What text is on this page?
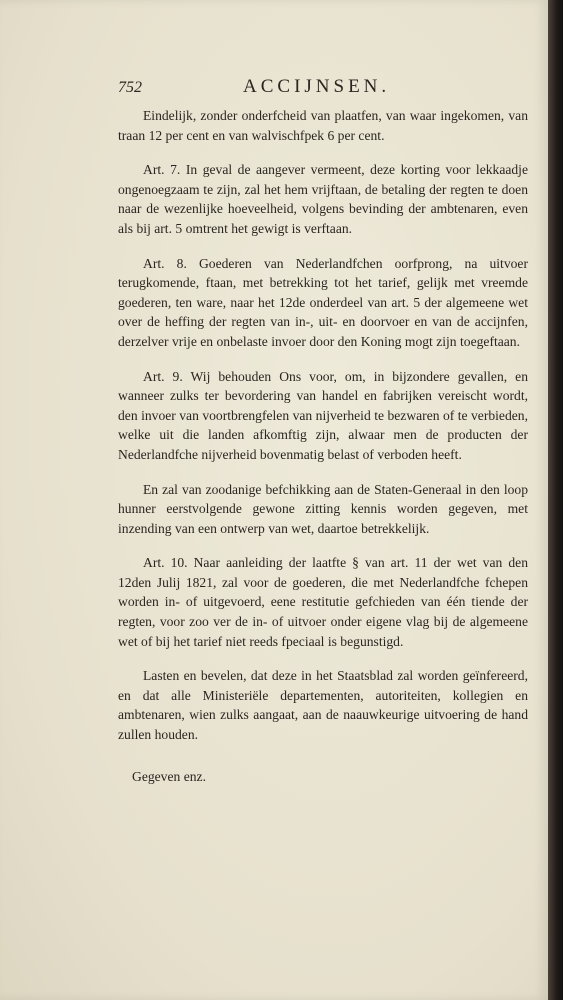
752	ACCIJNSEN.

Eindelijk, zonder onderfcheid van plaatfen, van waar ingekomen, van traan 12 per cent en van walvischfpek 6 per cent.

Art. 7. In geval de aangever vermeent, deze korting voor lekkaadje ongenoegzaam te zijn, zal het hem vrijftaan, de betaling der regten te doen naar de wezenlijke hoeveelheid, volgens bevinding der ambtenaren, even als bij art. 5 omtrent het gewigt is verftaan.

Art. 8. Goederen van Nederlandfchen oorfprong, na uitvoer terugkomende, ftaan, met betrekking tot het tarief, gelijk met vreemde goederen, ten ware, naar het 12de onderdeel van art. 5 der algemeene wet over de heffing der regten van in-, uit- en doorvoer en van de accijnfen, derzelver vrije en onbelaste invoer door den Koning mogt zijn toegeftaan.

Art. 9. Wij behouden Ons voor, om, in bijzondere gevallen, en wanneer zulks ter bevordering van handel en fabrijken vereischt wordt, den invoer van voortbrengfelen van nijverheid te bezwaren of te verbieden, welke uit die landen afkomftig zijn, alwaar men de producten der Nederlandfche nijverheid bovenmatig belast of verboden heeft.

En zal van zoodanige befchikking aan de Staten-Generaal in den loop hunner eerstvolgende gewone zitting kennis worden gegeven, met inzending van een ontwerp van wet, daartoe betrekkelijk.

Art. 10. Naar aanleiding der laatfte § van art. 11 der wet van den 12den Julij 1821, zal voor de goederen, die met Nederlandfche fchepen worden in- of uitgevoerd, eene restitutie gefchieden van één tiende der regten, voor zoo ver de in- of uitvoer onder eigene vlag bij de algemeene wet of bij het tarief niet reeds fpeciaal is begunstigd.

Lasten en bevelen, dat deze in het Staatsblad zal worden geïnfereerd, en dat alle Ministeriële departementen, autoriteiten, kollegien en ambtenaren, wien zulks aangaat, aan de naauwkeurige uitvoering de hand zullen houden.

Gegeven enz.
